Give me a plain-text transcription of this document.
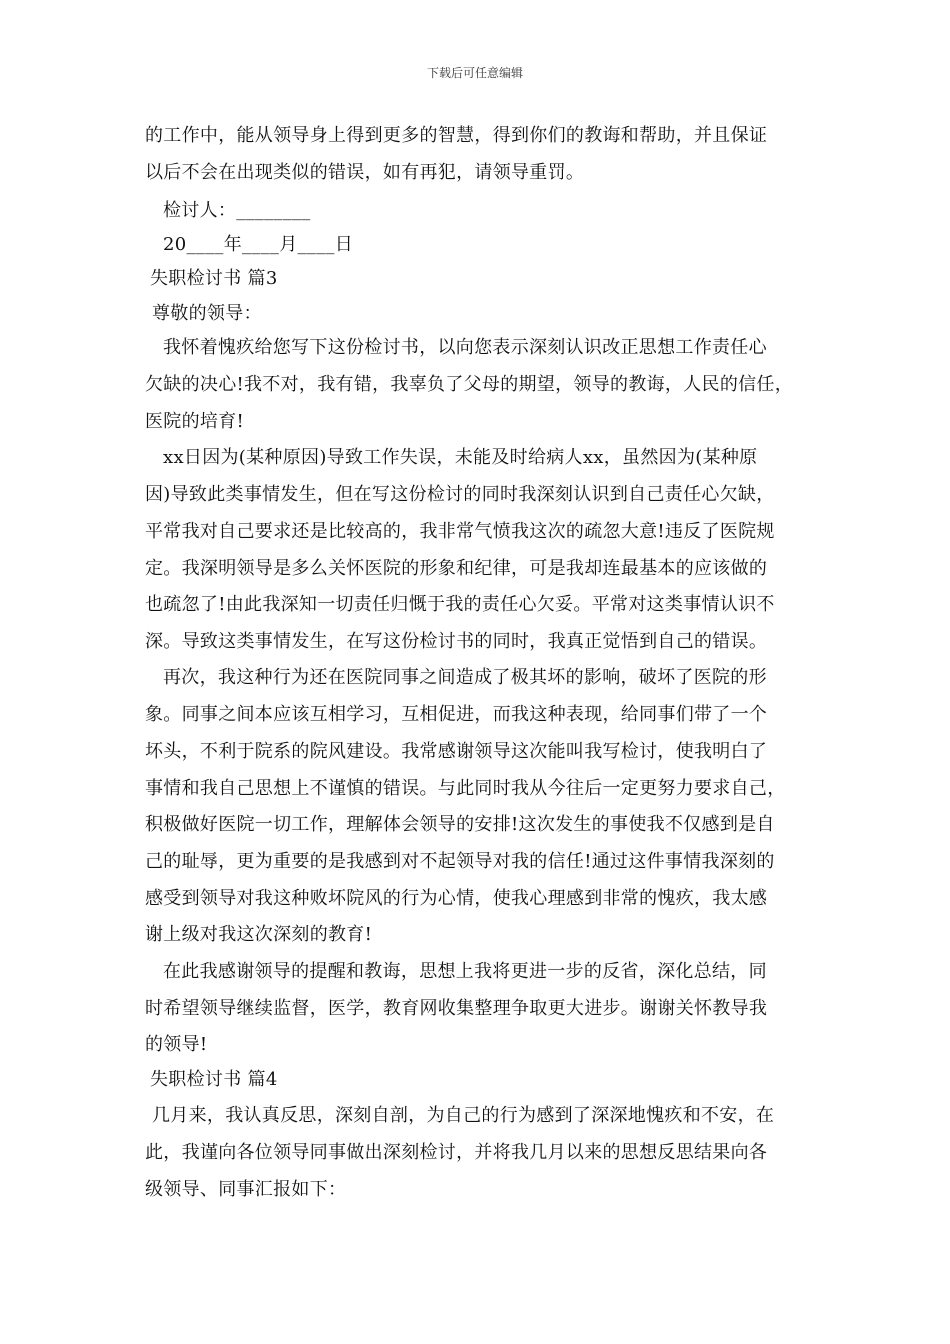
下载后可任意编辑
的工作中，能从领导身上得到更多的智慧，得到你们的教诲和帮助，并且保证
以后不会在出现类似的错误，如有再犯，请领导重罚。
检讨人：________
20____年____月____日
失职检讨书 篇3
尊敬的领导：
我怀着愧疚给您写下这份检讨书，以向您表示深刻认识改正思想工作责任心
欠缺的决心!我不对，我有错，我辜负了父母的期望，领导的教诲，人民的信任，
医院的培育!
xx日因为(某种原因)导致工作失误，未能及时给病人xx，虽然因为(某种原
因)导致此类事情发生，但在写这份检讨的同时我深刻认识到自己责任心欠缺，
平常我对自己要求还是比较高的，我非常气愤我这次的疏忽大意!违反了医院规
定。我深明领导是多么关怀医院的形象和纪律，可是我却连最基本的应该做的
也疏忽了!由此我深知一切责任归慨于我的责任心欠妥。平常对这类事情认识不
深。导致这类事情发生，在写这份检讨书的同时，我真正觉悟到自己的错误。
再次，我这种行为还在医院同事之间造成了极其坏的影响，破坏了医院的形
象。同事之间本应该互相学习，互相促进，而我这种表现，给同事们带了一个
坏头，不利于院系的院风建设。我常感谢领导这次能叫我写检讨，使我明白了
事情和我自己思想上不谨慎的错误。与此同时我从今往后一定更努力要求自己，
积极做好医院一切工作，理解体会领导的安排!这次发生的事使我不仅感到是自
己的耻辱，更为重要的是我感到对不起领导对我的信任!通过这件事情我深刻的
感受到领导对我这种败坏院风的行为心情，使我心理感到非常的愧疚，我太感
谢上级对我这次深刻的教育!
在此我感谢领导的提醒和教诲，思想上我将更进一步的反省，深化总结，同
时希望领导继续监督，医学，教育网收集整理争取更大进步。谢谢关怀教导我
的领导!
失职检讨书 篇4
几月来，我认真反思，深刻自剖，为自己的行为感到了深深地愧疚和不安，在
此，我谨向各位领导同事做出深刻检讨，并将我几月以来的思想反思结果向各
级领导、同事汇报如下：
